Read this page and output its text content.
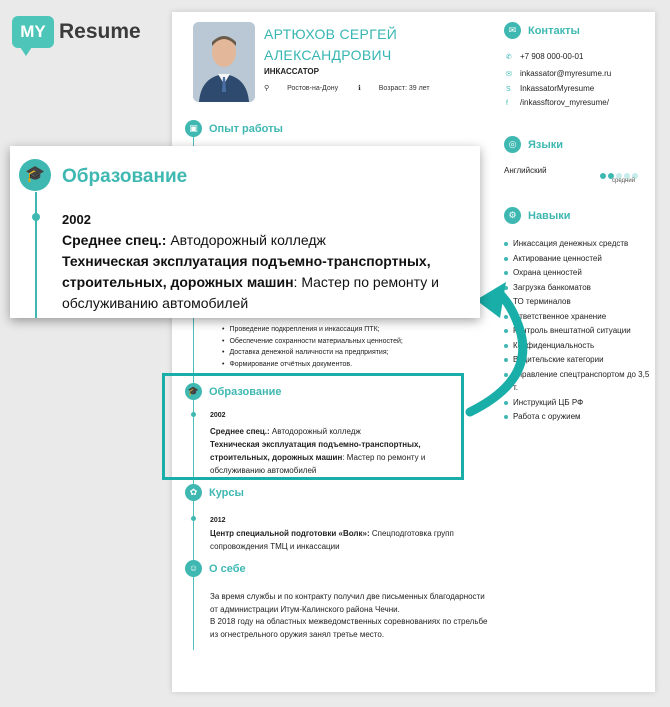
MY Resume	АРТЮХОВ СЕРГЕЙ АЛЕКСАНДРОВИЧ
ИНКАССАТОР
⚲	Ростов-на-Дону	ℹ	Возраст: 39 лет
▣	Опыт работы
• Проведение подкрепления и инкассация ПТК;
• Обеспечение сохранности материальных ценностей;
• Доставка денежной наличности на предприятия;
• Формирование отчётных документов.
🎓 Образование
2002
Среднее спец.: Автодорожный колледж
Техническая эксплуатация подъемно-транспортных, строительных, дорожных машин: Мастер по ремонту и обслуживанию автомобилей
✿	Курсы
2012
Центр специальной подготовки «Волк»: Спецподготовка групп сопровождения ТМЦ и инкассации
☺ О себе

За время службы и по контракту получил две письменных благодарности от администрации Итум-Калинского района Чечни.

В 2018 году на областных межведомственных соревнованиях по стрельбе из огнестрельного оружия занял третье место.

✉	Контакты
✆ +7 908 000-00-01
✉ inkassator@myresume.ru
S InkassatorMyresume
f /inkassftorov_myresume/
◎	Языки
Английский
средний
⚙	Навыки
Инкассация денежных средств
Актирование ценностей
Охрана ценностей
Загрузка банкоматов
ТО терминалов
Ответственное хранение
Контроль внештатной ситуации
Конфиденциальность
Водительские категории
Управление спецтранспортом до 3,5 т.
Инструкций ЦБ РФ
Работа с оружием
🎓 Образование
2002
Среднее спец.: Автодорожный колледж
Техническая эксплуатация подъемно-транспортных, строительных, дорожных машин: Мастер по ремонту и обслуживанию автомобилей
